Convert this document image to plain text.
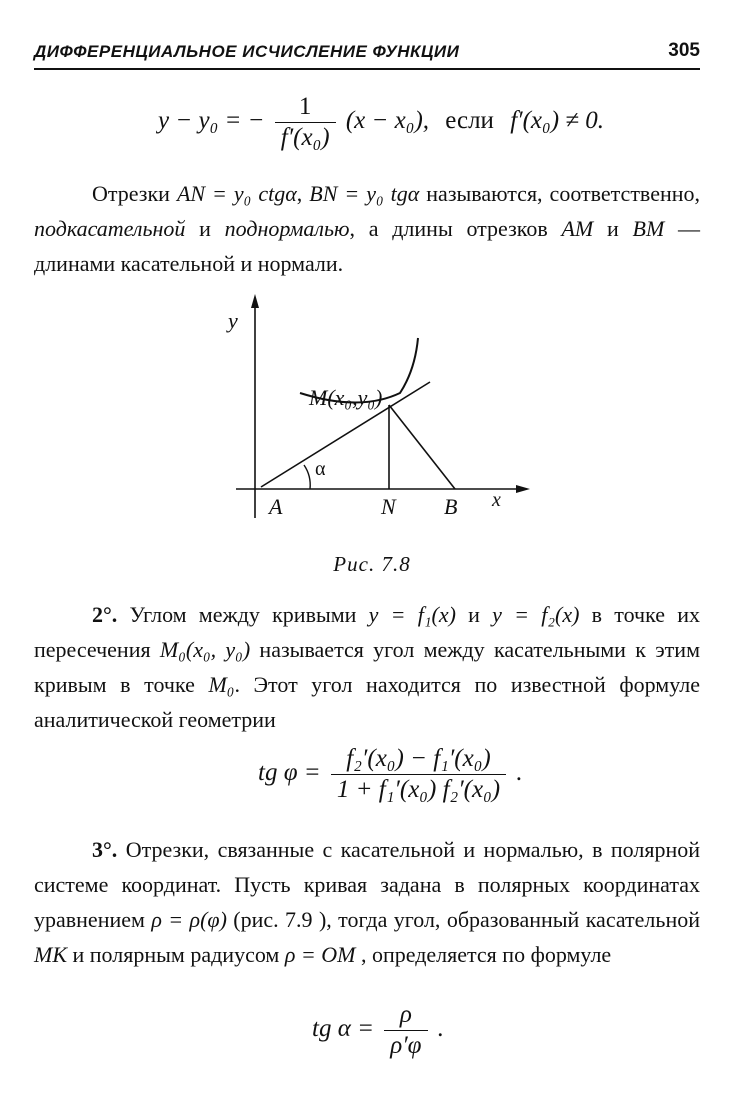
ДИФФЕРЕНЦИАЛЬНОЕ ИСЧИСЛЕНИЕ ФУНКЦИИ	305
y − y₀ = − $\frac{1}{\text{f′(x₀)}} (x - x_0)$, если f′(x₀) ≠ 0.

Отрезки AN = y₀ ctgα, BN = y₀ tgα называются, соответственно, подкасательной и поднормалью, а длины отрезков AM и BM — длинами касательной и нормали.

y
x
M(x₀,y₀)
α
A	N B
Рис. 7.8

2°. Углом между кривыми y = f₁(x) и y = f₂(x) в точке их пересечения M₀(x₀, y₀) называется угол между касательными к этим кривым в точке M₀. Этот угол находится по известной формуле аналитической геометрии

tg $\varphi = \frac{\text{f₂′(x₀) − f₁′(x₀)}}{\text{1 + f₁′(x₀) f₂′(x₀)}}$ .

3°. Отрезки, связанные с касательной и нормалью, в полярной системе координат. Пусть кривая задана в полярных координатах уравнением ρ = ρ(φ) (рис. 7.9 ), тогда угол, образованный касательной MK и полярным радиусом ρ = OM , определяется по формуле

tg $\alpha = \frac{\rho}{\rho'\varphi}$ .
